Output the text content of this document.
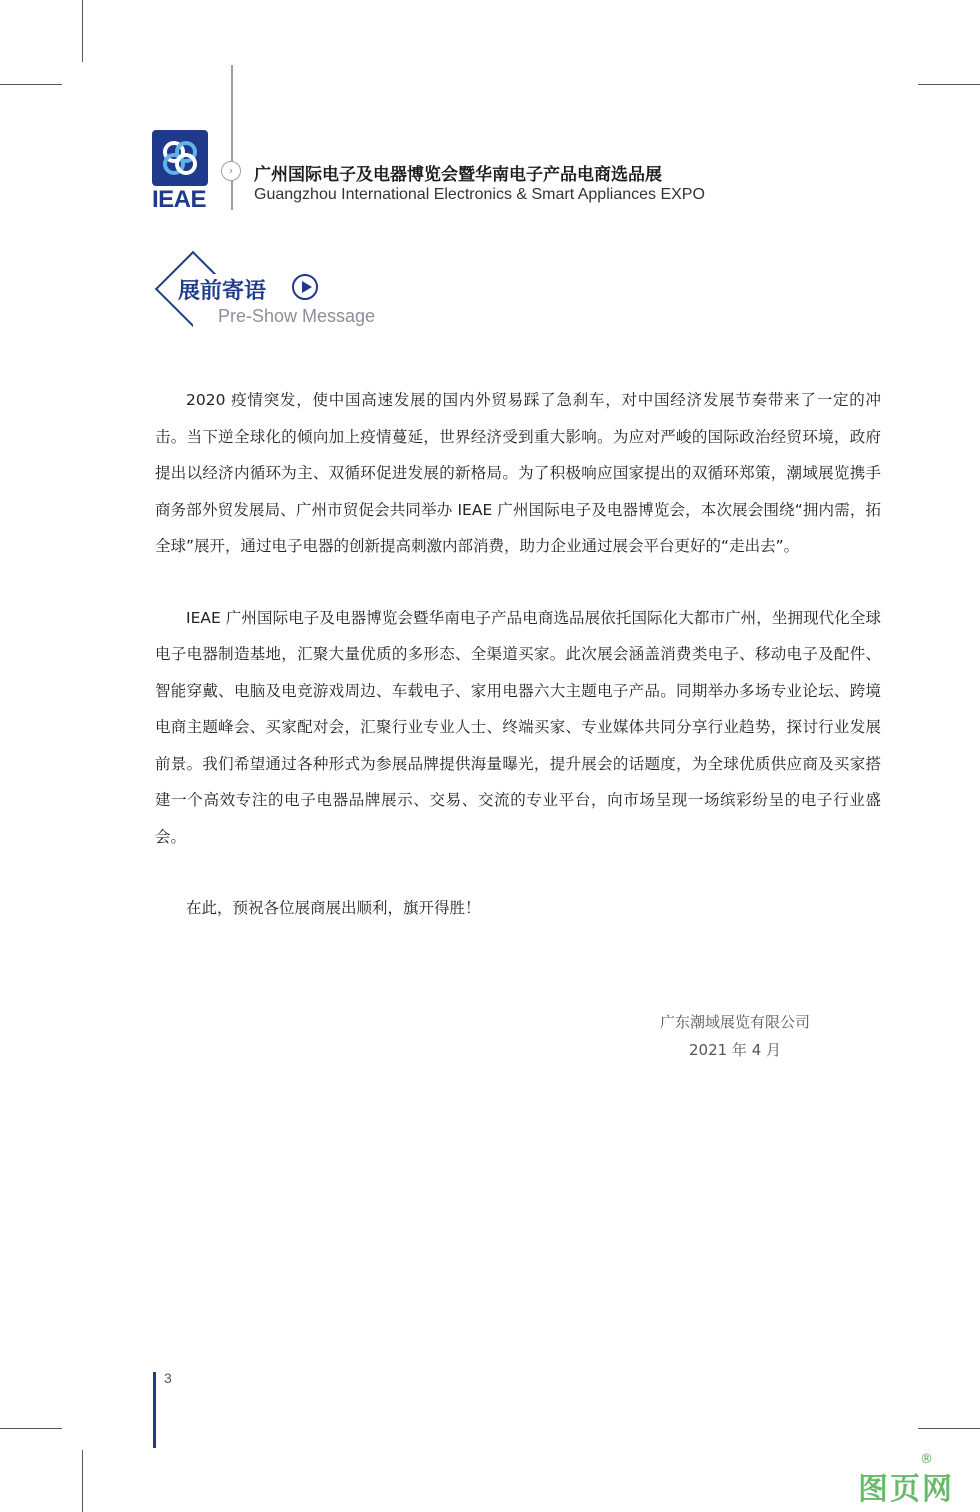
IEAE
›	广州国际电子及电器博览会暨华南电子产品电商选品展
Guangzhou International Electronics & Smart Appliances EXPO
展前寄语
Pre-Show Message

2020 疫情突发，使中国高速发展的国内外贸易踩了急刹车，对中国经济发展节奏带来了一定的冲击。当下逆全球化的倾向加上疫情蔓延，世界经济受到重大影响。为应对严峻的国际政治经贸环境，政府提出以经济内循环为主、双循环促进发展的新格局。为了积极响应国家提出的双循环郑策，潮域展览携手商务部外贸发展局、广州市贸促会共同举办 IEAE 广州国际电子及电器博览会，本次展会围绕“拥内需，拓全球”展开，通过电子电器的创新提高刺激内部消费，助力企业通过展会平台更好的“走出去”。

IEAE 广州国际电子及电器博览会暨华南电子产品电商选品展依托国际化大都市广州，坐拥现代化全球电子电器制造基地，汇聚大量优质的多形态、全渠道买家。此次展会涵盖消费类电子、移动电子及配件、智能穿戴、电脑及电竞游戏周边、车载电子、家用电器六大主题电子产品。同期举办多场专业论坛、跨境电商主题峰会、买家配对会，汇聚行业专业人士、终端买家、专业媒体共同分享行业趋势，探讨行业发展前景。我们希望通过各种形式为参展品牌提供海量曝光，提升展会的话题度，为全球优质供应商及买家搭建一个高效专注的电子电器品牌展示、交易、交流的专业平台，向市场呈现一场缤彩纷呈的电子行业盛会。

在此，预祝各位展商展出顺利，旗开得胜！

广东潮域展览有限公司
2021 年 4 月
3
图页网
®
